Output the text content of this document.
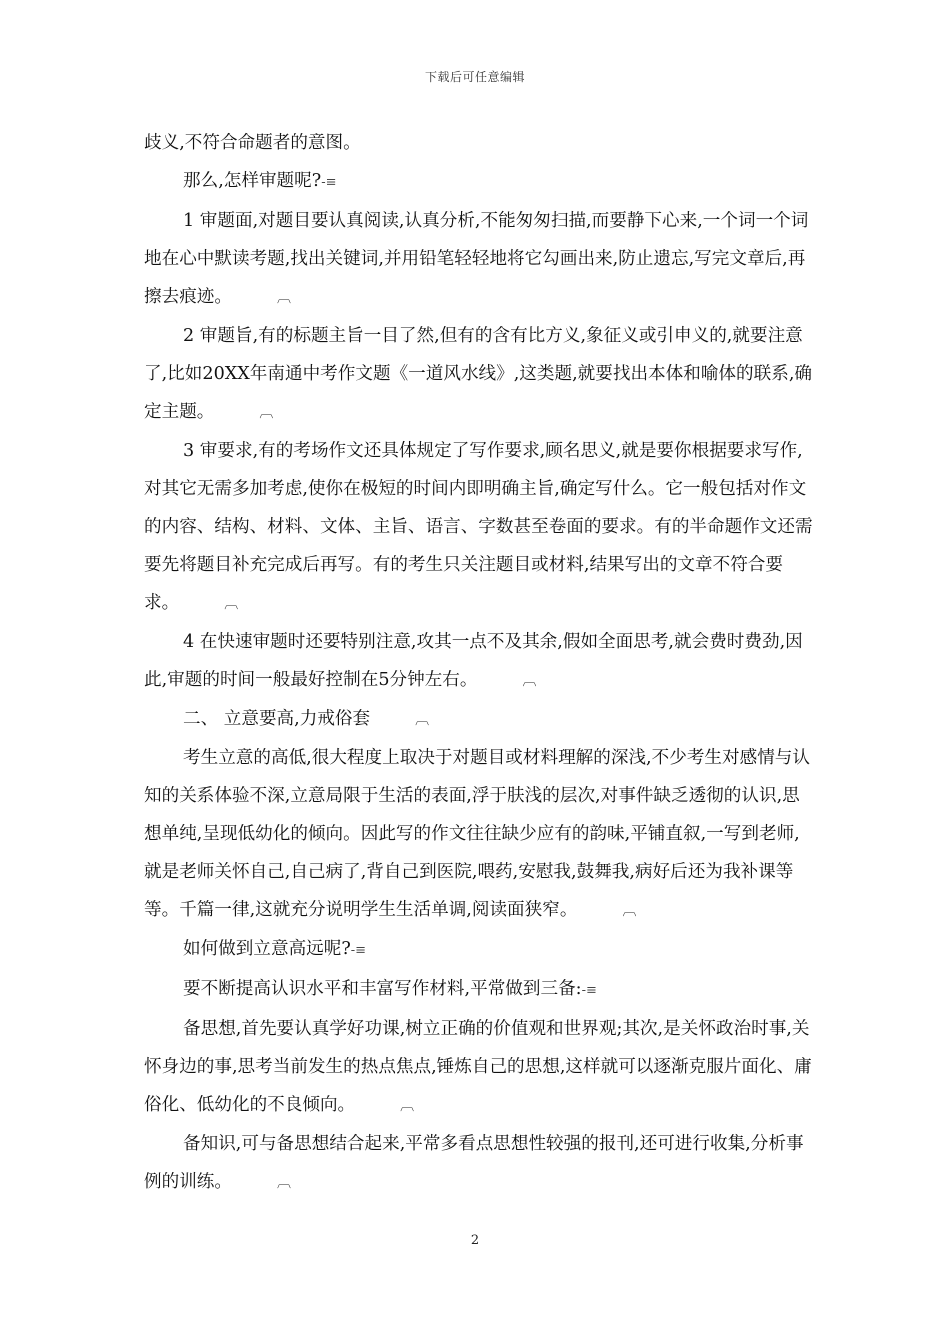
下载后可任意编辑

歧义,不符合命题者的意图。

那么,怎样审题呢?-≡

1 审题面,对题目要认真阅读,认真分析,不能匆匆扫描,而要静下心来,一个词一个词地在心中默读考题,找出关键词,并用铅笔轻轻地将它勾画出来,防止遗忘,写完文章后,再擦去痕迹。	︹

2 审题旨,有的标题主旨一目了然,但有的含有比方义,象征义或引申义的,就要注意了,比如20XX年南通中考作文题《一道风水线》,这类题,就要找出本体和喻体的联系,确定主题。	︹

3 审要求,有的考场作文还具体规定了写作要求,顾名思义,就是要你根据要求写作,对其它无需多加考虑,使你在极短的时间内即明确主旨,确定写什么。它一般包括对作文的内容、结构、材料、文体、主旨、语言、字数甚至卷面的要求。有的半命题作文还需要先将题目补充完成后再写。有的考生只关注题目或材料,结果写出的文章不符合要求。	︹

4 在快速审题时还要特别注意,攻其一点不及其余,假如全面思考,就会费时费劲,因此,审题的时间一般最好控制在5分钟左右。	︹

二、 立意要高,力戒俗套	︹

考生立意的高低,很大程度上取决于对题目或材料理解的深浅,不少考生对感情与认知的关系体验不深,立意局限于生活的表面,浮于肤浅的层次,对事件缺乏透彻的认识,思想单纯,呈现低幼化的倾向。因此写的作文往往缺少应有的韵味,平铺直叙,一写到老师,就是老师关怀自己,自己病了,背自己到医院,喂药,安慰我,鼓舞我,病好后还为我补课等等。千篇一律,这就充分说明学生生活单调,阅读面狭窄。	︹

如何做到立意高远呢?-≡

要不断提高认识水平和丰富写作材料,平常做到三备:-≡

备思想,首先要认真学好功课,树立正确的价值观和世界观;其次,是关怀政治时事,关怀身边的事,思考当前发生的热点焦点,锤炼自己的思想,这样就可以逐渐克服片面化、庸俗化、低幼化的不良倾向。	︹

备知识,可与备思想结合起来,平常多看点思想性较强的报刊,还可进行收集,分析事例的训练。	︹

2
